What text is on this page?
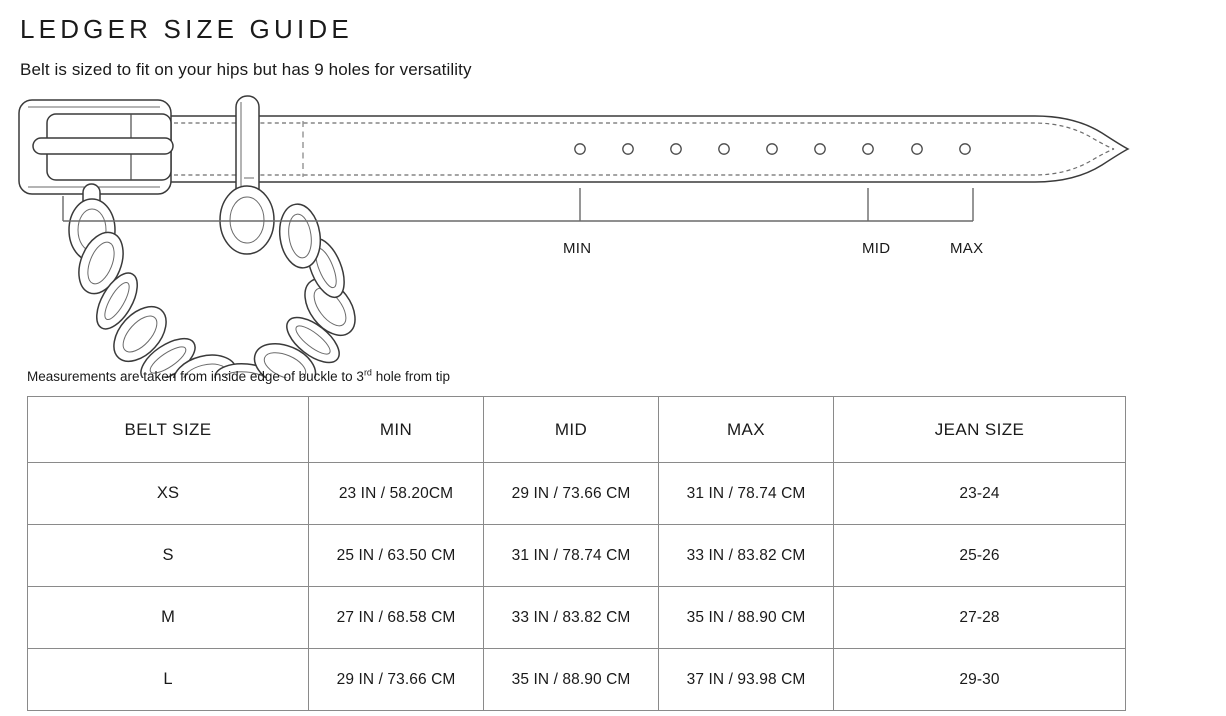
LEDGER SIZE GUIDE
Belt is sized to fit on your hips but has 9 holes for versatility
MIN	MID	MAX
Measurements are taken from inside edge of buckle to 3rd hole from tip
BELT SIZE	MIN	MID	MAX	JEAN SIZE
XS	23 IN / 58.20CM	29 IN / 73.66 CM	31 IN / 78.74 CM	23-24
S	25 IN / 63.50 CM	31 IN / 78.74 CM	33 IN / 83.82 CM	25-26
M	27 IN / 68.58 CM	33 IN / 83.82 CM	35 IN / 88.90 CM	27-28
L	29 IN / 73.66 CM	35 IN / 88.90 CM	37 IN / 93.98 CM	29-30
